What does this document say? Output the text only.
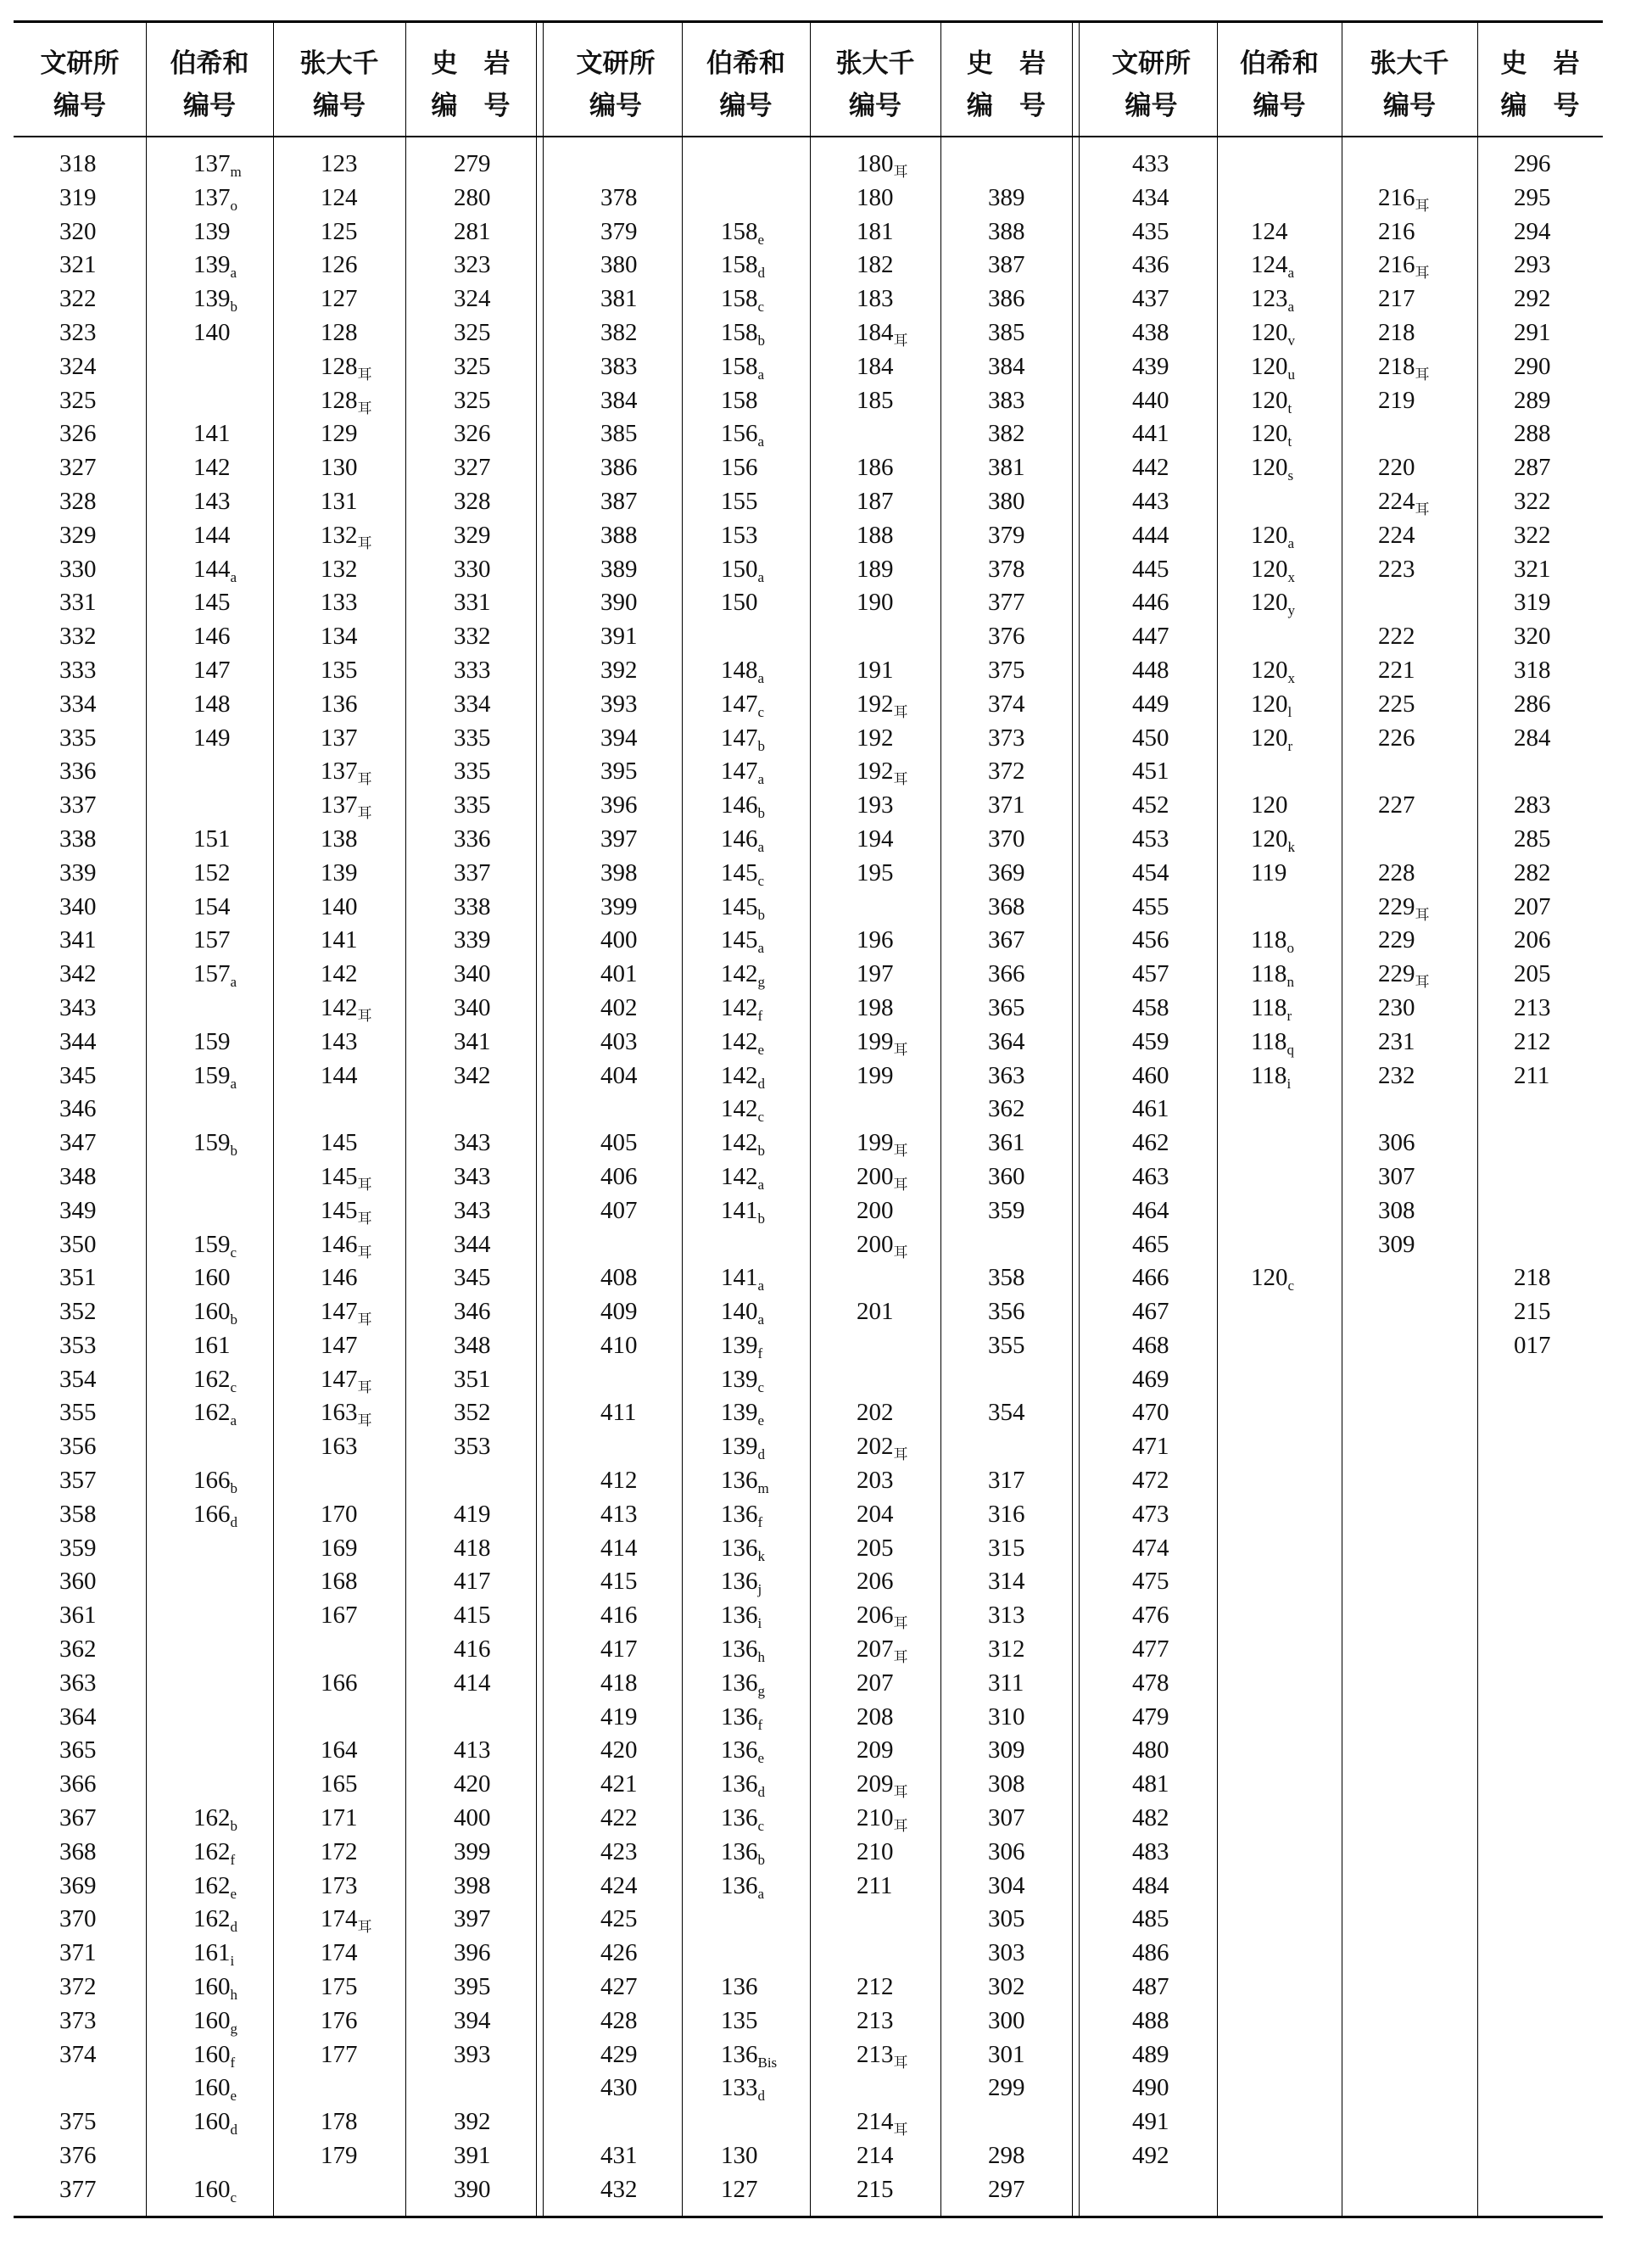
文研所
编号
伯希和
编号
张大千
编号
史　岩
编　号
文研所
编号
伯希和
编号
张大千
编号
史　岩
编　号
文研所
编号
伯希和
编号
张大千
编号
史　岩
编　号
318
319
320
321
322
323
324
325
326
327
328
329
330
331
332
333
334
335
336
337
338
339
340
341
342
343
344
345
346
347
348
349
350
351
352
353
354
355
356
357
358
359
360
361
362
363
364
365
366
367
368
369
370
371
372
373
374
375
376
377
$137_m$
$137_o$
139
$139_a$
$139_b$
140
141
142
143
144
$144_a$
145
146
147
148
149
151
152
154
157
$157_a$
159
$159_a$
$159_b$
$159_c$
160
$160_b$
161
$162_c$
$162_a$
$166_b$
$166_d$
$162_b$
$162_f$
$162_e$
$162_d$
$161_i$
$160_h$
$160_g$
$160_f$
$160_e$
$160_d$
$160_c$
123
124
125
126
127
128
$128_耳$
$128_耳$
129
130
131
$132_耳$
132
133
134
135
136
137
$137_耳$
$137_耳$
138
139
140
141
142
$142_耳$
143
144
145
$145_耳$
$145_耳$
$146_耳$
146
$147_耳$
147
$147_耳$
$163_耳$
163
170
169
168
167
166
164
165
171
172
173
$174_耳$
174
175
176
177
178
179
279
280
281
323
324
325
325
325
326
327
328
329
330
331
332
333
334
335
335
335
336
337
338
339
340
340
341
342
343
343
343
344
345
346
348
351
352
353
419
418
417
415
416
414
413
420
400
399
398
397
396
395
394
393
392
391
390
378
379
380
381
382
383
384
385
386
387
388
389
390
391
392
393
394
395
396
397
398
399
400
401
402
403
404
405
406
407
408
409
410
411
412
413
414
415
416
417
418
419
420
421
422
423
424
425
426
427
428
429
430
431
432
$158_e$
$158_d$
$158_c$
$158_b$
$158_a$
158
$156_a$
156
155
153
$150_a$
150
$148_a$
$147_c$
$147_b$
$147_a$
$146_b$
$146_a$
$145_c$
$145_b$
$145_a$
$142_g$
$142_f$
$142_e$
$142_d$
$142_c$
$142_b$
$142_a$
$141_b$
$141_a$
$140_a$
$139_f$
$139_c$
$139_e$
$139_d$
$136_m$
$136_f$
$136_k$
$136_j$
$136_i$
$136_h$
$136_g$
$136_f$
$136_e$
$136_d$
$136_c$
$136_b$
$136_a$
136
135
$136_{Bis}$
$133_d$
130
127
$180_耳$
180
181
182
183
$184_耳$
184
185
186
187
188
189
190
191
$192_耳$
192
$192_耳$
193
194
195
196
197
198
$199_耳$
199
$199_耳$
$200_耳$
200
$200_耳$
201
202
$202_耳$
203
204
205
206
$206_耳$
$207_耳$
207
208
209
$209_耳$
$210_耳$
210
211
212
213
$213_耳$
$214_耳$
214
215
389
388
387
386
385
384
383
382
381
380
379
378
377
376
375
374
373
372
371
370
369
368
367
366
365
364
363
362
361
360
359
358
356
355
354
317
316
315
314
313
312
311
310
309
308
307
306
304
305
303
302
300
301
299
298
297
433
434
435
436
437
438
439
440
441
442
443
444
445
446
447
448
449
450
451
452
453
454
455
456
457
458
459
460
461
462
463
464
465
466
467
468
469
470
471
472
473
474
475
476
477
478
479
480
481
482
483
484
485
486
487
488
489
490
491
492
124
$124_a$
$123_a$
$120_v$
$120_u$
$120_t$
$120_t$
$120_s$
$120_a$
$120_x$
$120_y$
$120_x$
$120_l$
$120_r$
120
$120_k$
119
$118_o$
$118_n$
$118_r$
$118_q$
$118_i$
$120_c$
$216_耳$
216
$216_耳$
217
218
$218_耳$
219
220
$224_耳$
224
223
222
221
225
226
227
228
$229_耳$
229
$229_耳$
230
231
232
306
307
308
309
296
295
294
293
292
291
290
289
288
287
322
322
321
319
320
318
286
284
283
285
282
207
206
205
213
212
211
218
215
017
